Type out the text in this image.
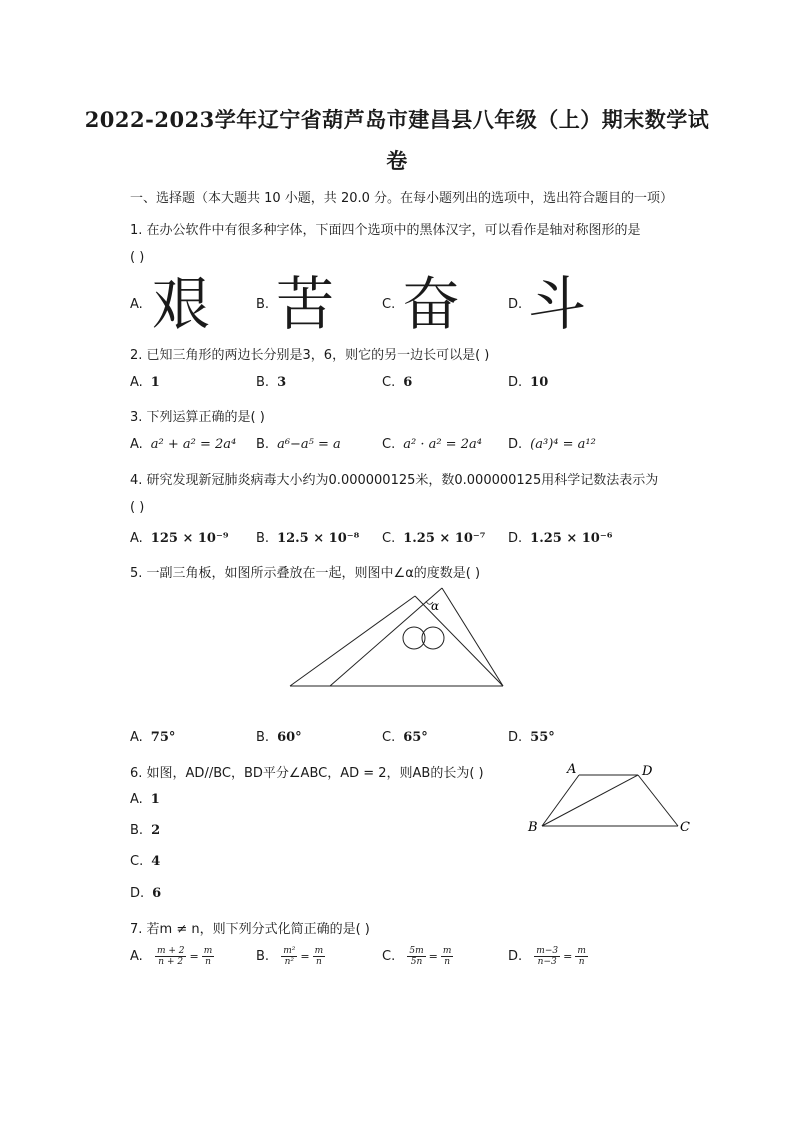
2022-2023学年辽宁省葫芦岛市建昌县八年级（上）期末数学试
卷
一、选择题（本大题共 10 小题，共 20.0 分。在每小题列出的选项中，选出符合题目的一项）
1. 在办公软件中有很多种字体，下面四个选项中的黑体汉字，可以看作是轴对称图形的是
( )
A. 艰	B. 苦	C. 奋	D. 斗
2. 已知三角形的两边长分别是3，6，则它的另一边长可以是( )
A. 1	B. 3	C. 6	D. 10
3. 下列运算正确的是( )
A. a² + a² = 2a⁴ B. a⁶−a⁵ = a	C. a² · a² = 2a⁴ D. (a³)⁴ = a¹²
4. 研究发现新冠肺炎病毒大小约为0.000000125米，数0.000000125用科学记数法表示为
( )
A. 125 × 10⁻⁹ B. 12.5 × 10⁻⁸ C. 1.25 × 10⁻⁷ D. 1.25 × 10⁻⁶
5. 一副三角板，如图所示叠放在一起，则图中∠α的度数是( )
α
A. 75°	B. 60°	C. 65°	D. 55°
6. 如图，AD//BC，BD平分∠ABC，AD = 2，则AB的长为( )	A	D
B	C
A. 1
B. 2
C. 4
D. 6
7. 若m ≠ n，则下列分式化简正确的是( )
A. $\frac{m + 2}{n + 2} = \frac{m}{n}$	B. $\frac{\text{m²}}{\text{n²}} = \frac{m}{n}$	C. $\frac{5m}{5n} = \frac{m}{n}$	D. $\frac{m-3}{n-3} = \frac{m}{n}$
